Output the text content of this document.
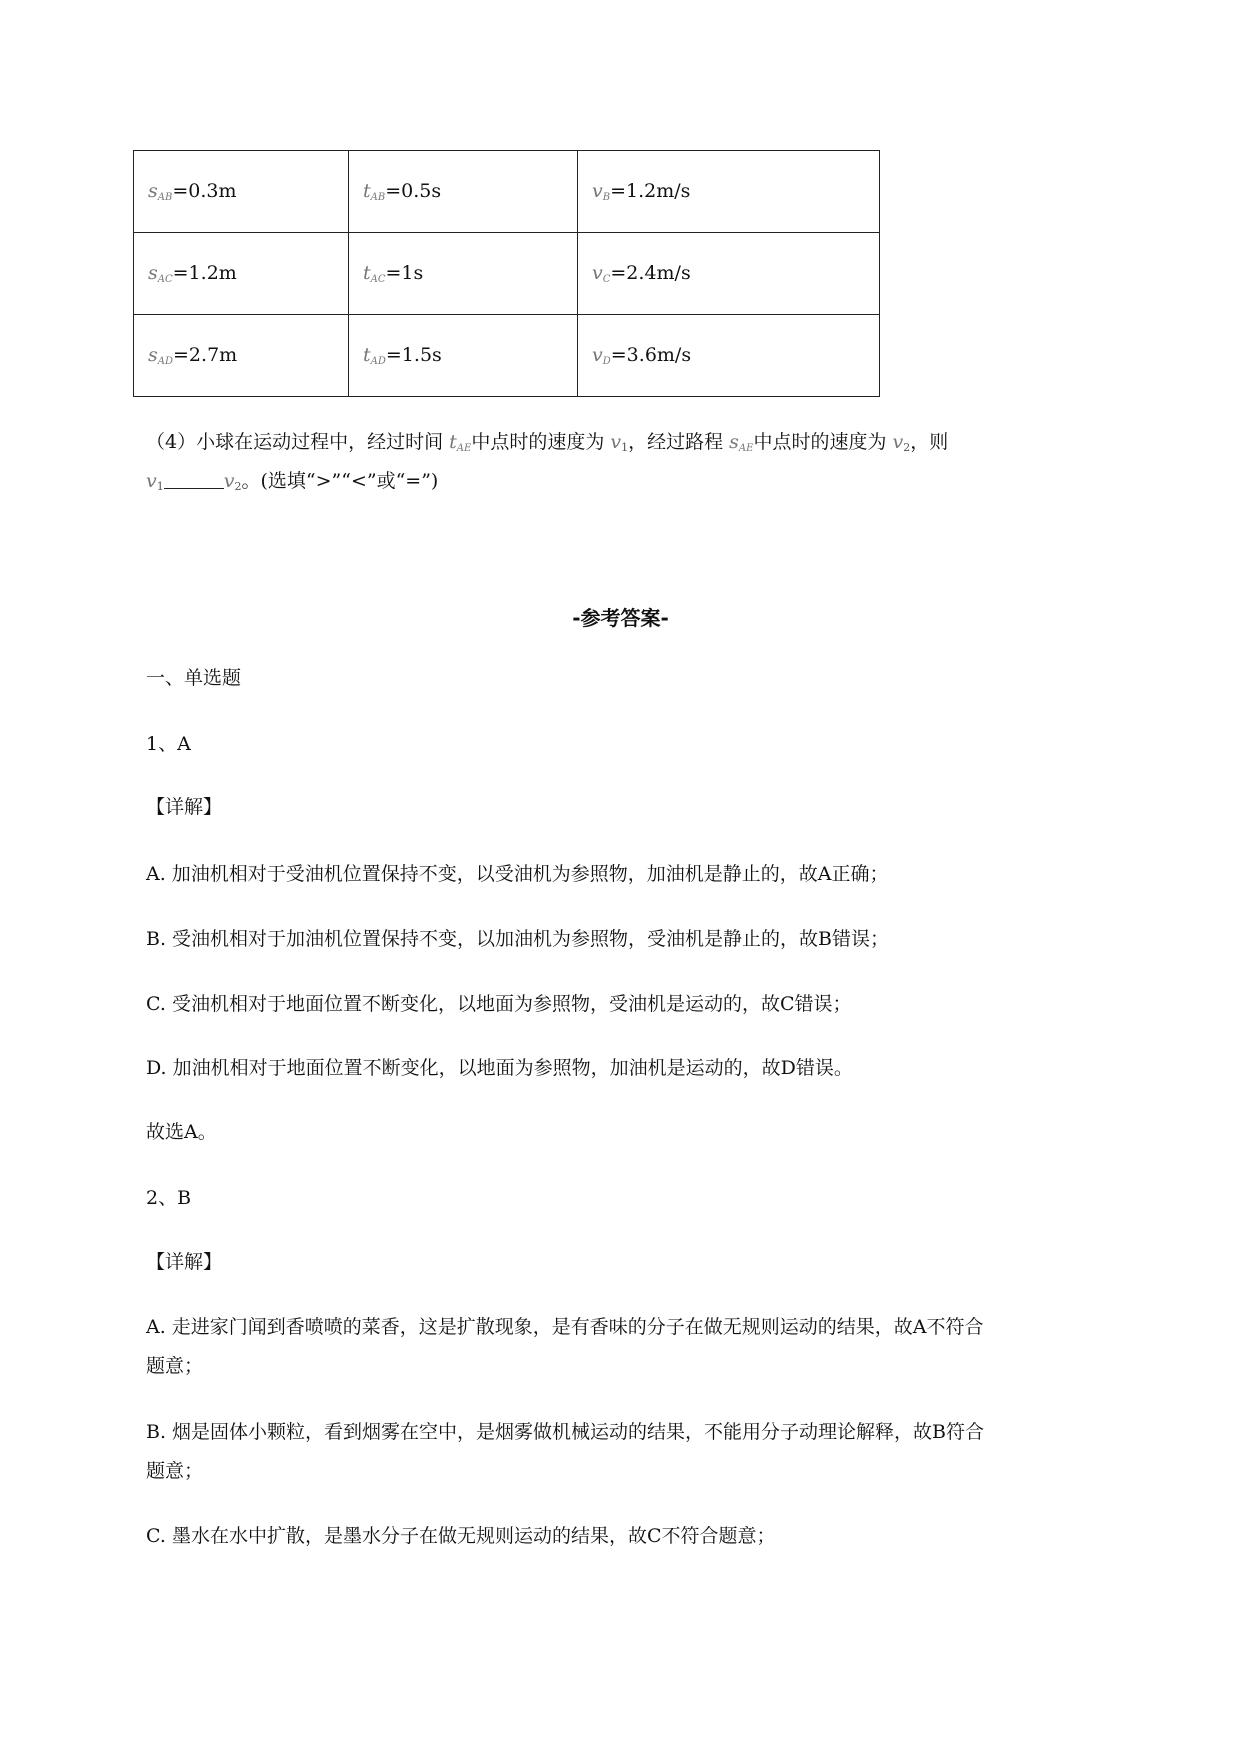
$s_{AB}=0.3m$	$t_{AB}=0.5s$	$v_B=1.2m/s$
$s_{AC}=1.2m$	$t_{AC}=1s$	$v_C=2.4m/s$
$s_{AD}=2.7m$	$t_{AD}=1.5s$	$v_D=3.6m/s$
（4）小球在运动过程中，经过时间 $t_{AE}$中点时的速度为 v1，经过路程 $s_{AE}$中点时的速度为 v2，则
v1	v2。(选填“>”“<”或“=”)
-参考答案-
一、单选题
1、A
【详解】
A. 加油机相对于受油机位置保持不变，以受油机为参照物，加油机是静止的，故A正确；
B. 受油机相对于加油机位置保持不变，以加油机为参照物，受油机是静止的，故B错误；
C. 受油机相对于地面位置不断变化，以地面为参照物，受油机是运动的，故C错误；
D. 加油机相对于地面位置不断变化，以地面为参照物，加油机是运动的，故D错误。
故选A。
2、B
【详解】
A. 走进家门闻到香喷喷的菜香，这是扩散现象，是有香味的分子在做无规则运动的结果，故A不符合
题意；
B. 烟是固体小颗粒，看到烟雾在空中，是烟雾做机械运动的结果，不能用分子动理论解释，故B符合
题意；
C. 墨水在水中扩散，是墨水分子在做无规则运动的结果，故C不符合题意；
